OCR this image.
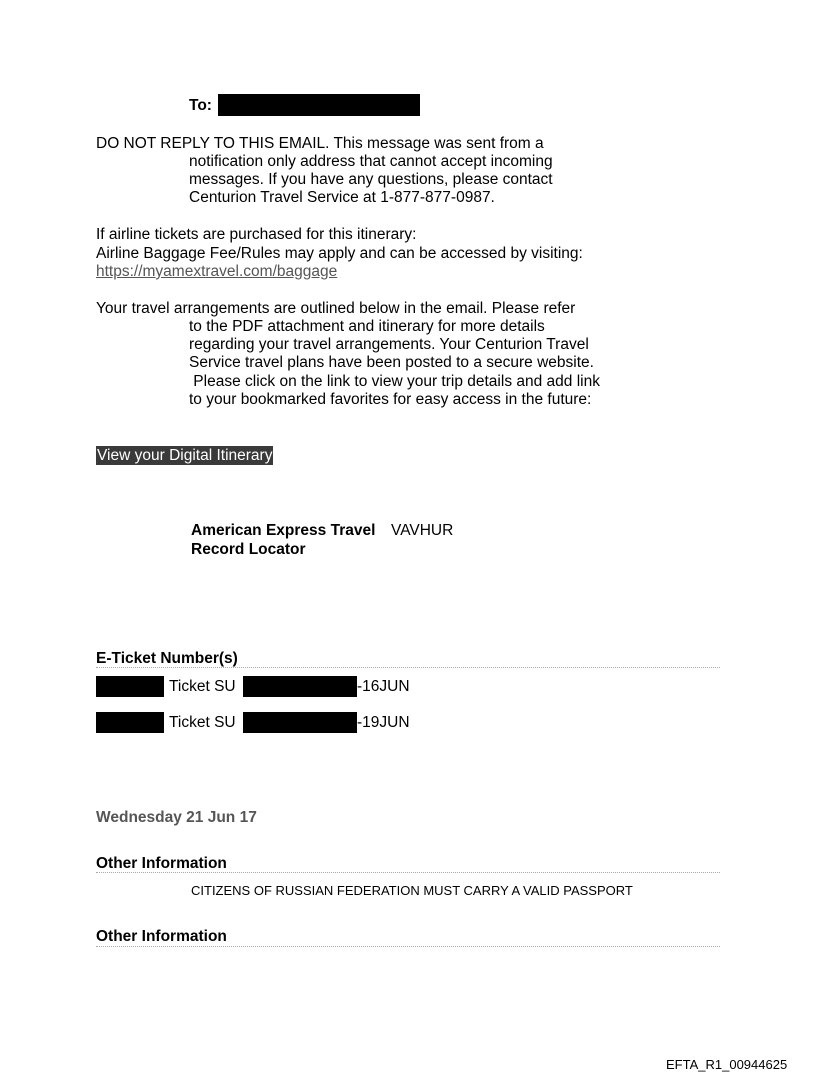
To:
DO NOT REPLY TO THIS EMAIL. This message was sent from a
notification only address that cannot accept incoming
messages. If you have any questions, please contact
Centurion Travel Service at 1-877-877-0987.
If airline tickets are purchased for this itinerary:
Airline Baggage Fee/Rules may apply and can be accessed by visiting:
https://myamextravel.com/baggage
Your travel arrangements are outlined below in the email. Please refer
to the PDF attachment and itinerary for more details
regarding your travel arrangements. Your Centurion Travel
Service travel plans have been posted to a secure website.
Please click on the link to view your trip details and add link
to your bookmarked favorites for easy access in the future:
View your Digital Itinerary
American Express Travel
Record Locator
VAVHUR
E-Ticket Number(s)
Ticket SU	-16JUN
Ticket SU	-19JUN
Wednesday 21 Jun 17
Other Information
CITIZENS OF RUSSIAN FEDERATION MUST CARRY A VALID PASSPORT
Other Information
EFTA_R1_00944625
